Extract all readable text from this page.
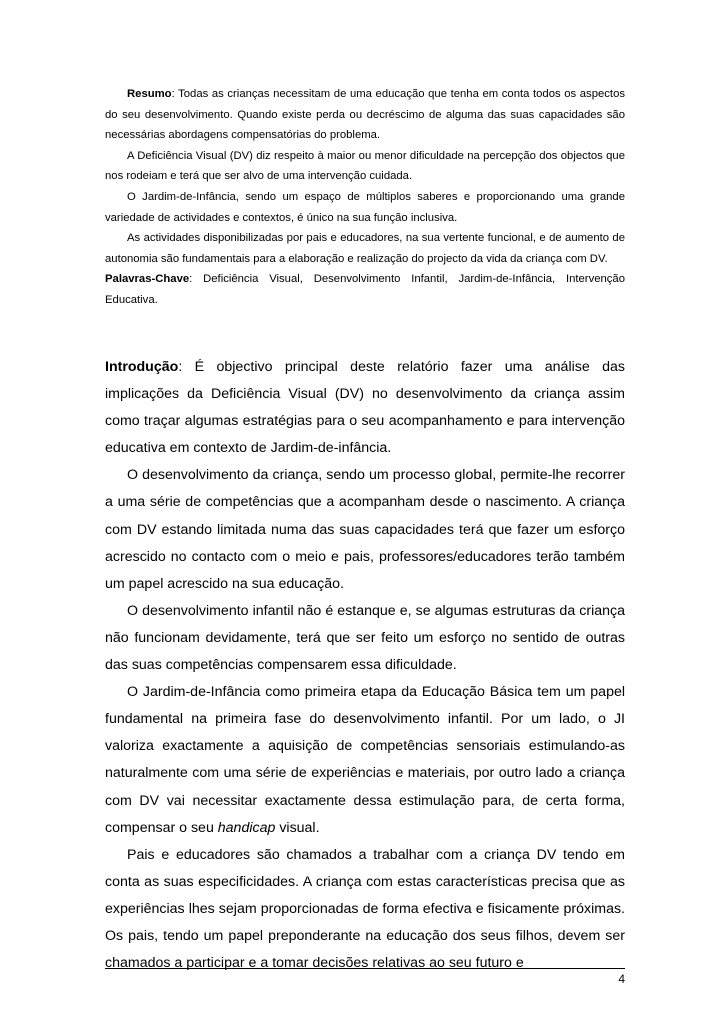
Resumo: Todas as crianças necessitam de uma educação que tenha em conta todos os aspectos do seu desenvolvimento. Quando existe perda ou decréscimo de alguma das suas capacidades são necessárias abordagens compensatórias do problema.

A Deficiência Visual (DV) diz respeito à maior ou menor dificuldade na percepção dos objectos que nos rodeiam e terá que ser alvo de uma intervenção cuidada.

O Jardim-de-Infância, sendo um espaço de múltiplos saberes e proporcionando uma grande variedade de actividades e contextos, é único na sua função inclusiva.

As actividades disponibilizadas por pais e educadores, na sua vertente funcional, e de aumento de autonomia são fundamentais para a elaboração e realização do projecto da vida da criança com DV.

Palavras-Chave: Deficiência Visual, Desenvolvimento Infantil, Jardim-de-Infância, Intervenção Educativa.

Introdução: É objectivo principal deste relatório fazer uma análise das implicações da Deficiência Visual (DV) no desenvolvimento da criança assim como traçar algumas estratégias para o seu acompanhamento e para intervenção educativa em contexto de Jardim-de-infância.

O desenvolvimento da criança, sendo um processo global, permite-lhe recorrer a uma série de competências que a acompanham desde o nascimento. A criança com DV estando limitada numa das suas capacidades terá que fazer um esforço acrescido no contacto com o meio e pais, professores/educadores terão também um papel acrescido na sua educação.

O desenvolvimento infantil não é estanque e, se algumas estruturas da criança não funcionam devidamente, terá que ser feito um esforço no sentido de outras das suas competências compensarem essa dificuldade.

O Jardim-de-Infância como primeira etapa da Educação Básica tem um papel fundamental na primeira fase do desenvolvimento infantil. Por um lado, o JI valoriza exactamente a aquisição de competências sensoriais estimulando-as naturalmente com uma série de experiências e materiais, por outro lado a criança com DV vai necessitar exactamente dessa estimulação para, de certa forma, compensar o seu handicap visual.

Pais e educadores são chamados a trabalhar com a criança DV tendo em conta as suas especificidades. A criança com estas características precisa que as experiências lhes sejam proporcionadas de forma efectiva e fisicamente próximas. Os pais, tendo um papel preponderante na educação dos seus filhos, devem ser chamados a participar e a tomar decisões relativas ao seu futuro e

4
